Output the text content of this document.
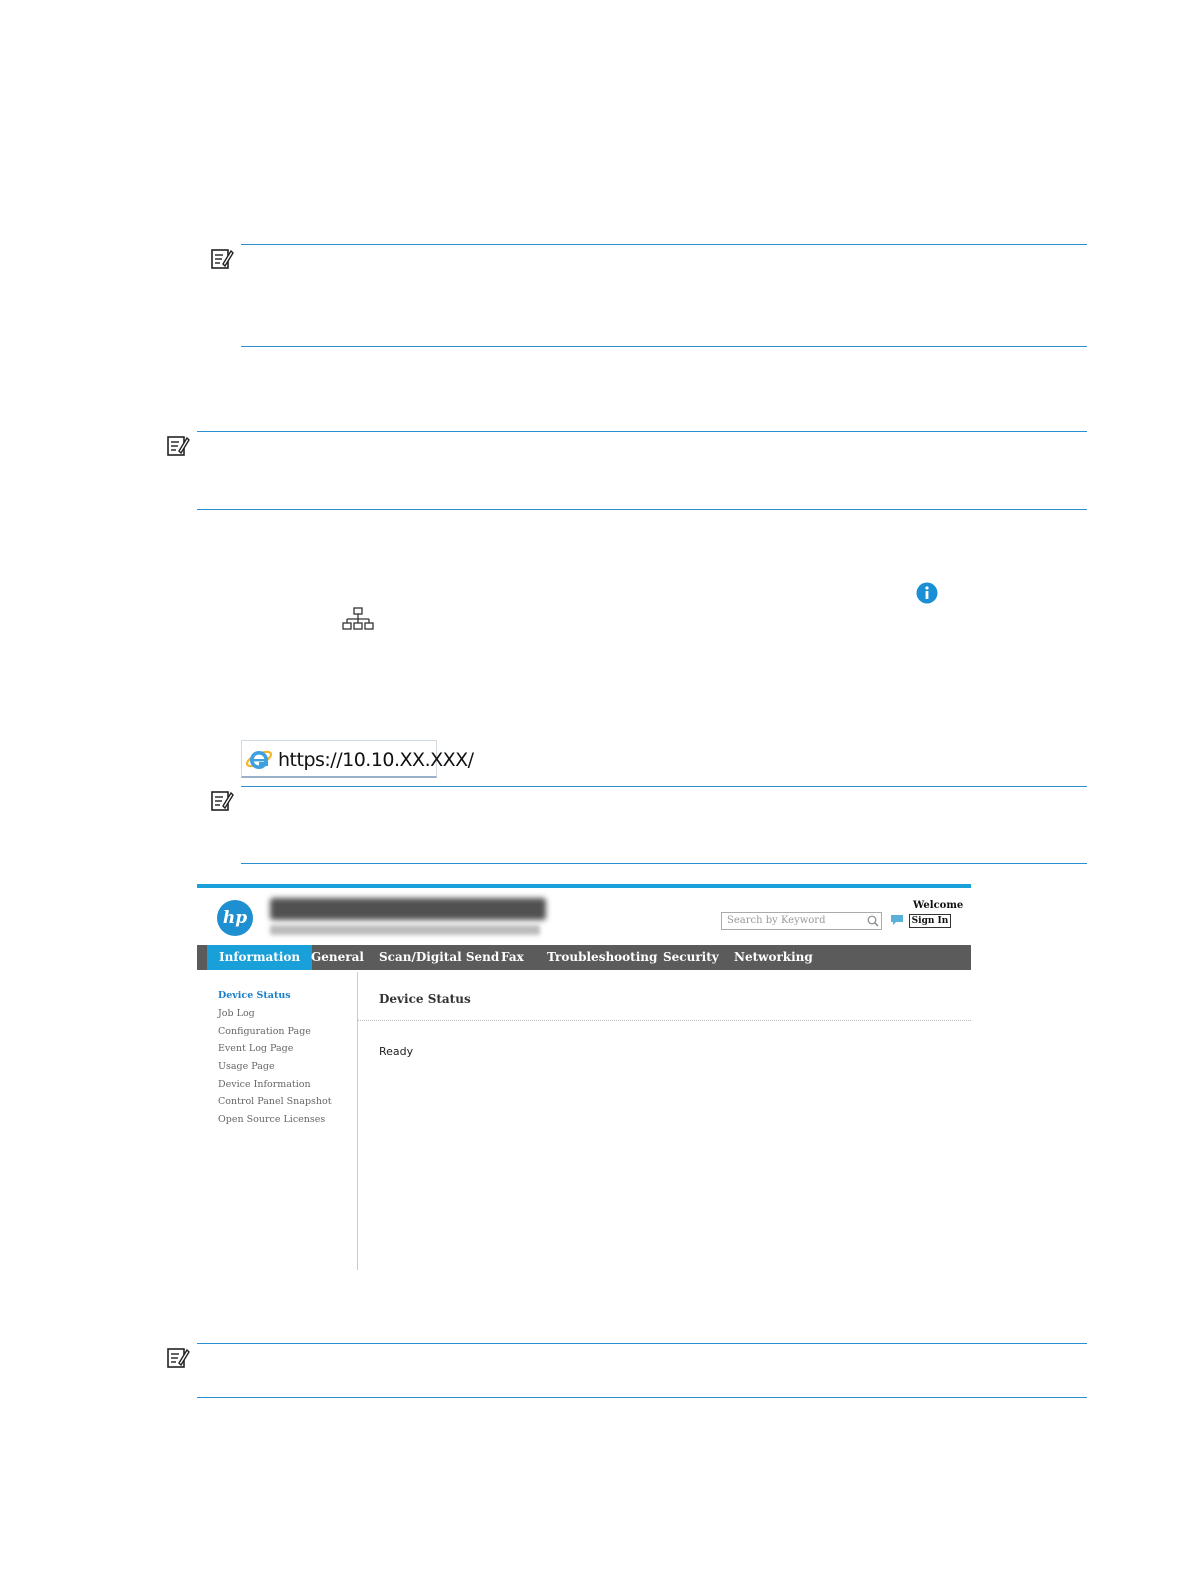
https://10.10.XX.XXX/
hp	Search by Keyword
Welcome
Sign In
Information General Scan/Digital Send Fax Troubleshooting Security Networking
Device Status
Job Log
Configuration Page
Event Log Page
Usage Page
Device Information
Control Panel Snapshot
Open Source Licenses
Device Status
Ready
